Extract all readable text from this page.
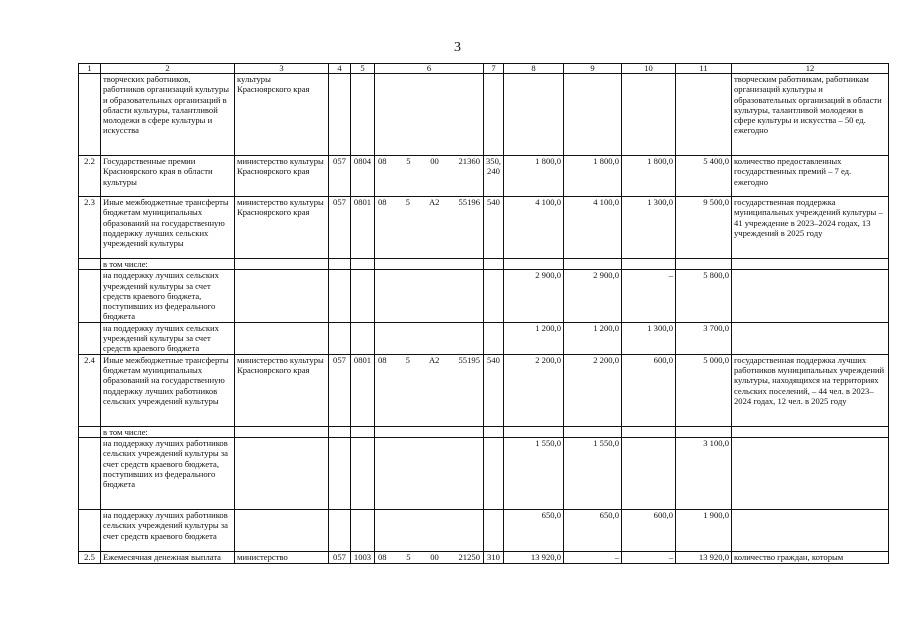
3
1	2	3	4	5	6	7	8	9	10	11	12
	творческих работников, работников организаций культуры и образовательных организаций в области культуры, талантливой молодежи в сфере культуры и искусства	культуры Красноярского края									творческим работникам, работникам организаций культуры и образовательных организаций в области культуры, талантливой молодежи в сфере культуры и искусства – 50 ед. ежегодно
2.2	Государственные премии Красноярского края в области культуры	министерство культуры Красноярского края	057	0804	08 5 00 21360	350, 240	1 800,0	1 800,0	1 800,0	5 400,0	количество предоставленных государственных премий – 7 ед. ежегодно
2.3	Иные межбюджетные трансферты бюджетам муниципальных образований на государственную поддержку лучших сельских учреждений культуры	министерство культуры Красноярского края	057	0801	08 5 А2 55196	540	4 100,0	4 100,0	1 300,0	9 500,0	государственная поддержка муниципальных учреждений культуры – 41 учреждение в 2023–2024 годах, 13 учреждений в 2025 году
	в том числе:				

	на поддержку лучших сельских учреждений культуры за счет средств краевого бюджета, поступивших из федерального бюджета						2 900,0	2 900,0	–	5 800,0	
	на поддержку лучших сельских учреждений культуры за счет средств краевого бюджета						1 200,0	1 200,0	1 300,0	3 700,0	
2.4	Иные межбюджетные трансферты бюджетам муниципальных образований на государственную поддержку лучших работников сельских учреждений культуры	министерство культуры Красноярского края	057	0801	08 5 А2 55195	540	2 200,0	2 200,0	600,0	5 000,0	государственная поддержка лучших работников муниципальных учреждений культуры, находящихся на территориях сельских поселений, – 44 чел. в 2023–2024 годах, 12 чел. в 2025 году
	в том числе:				

	на поддержку лучших работников сельских учреждений культуры за счет средств краевого бюджета, поступивших из федерального бюджета						1 550,0	1 550,0		3 100,0	
	на поддержку лучших работников сельских учреждений культуры за счет средств краевого бюджета						650,0	650,0	600,0	1 900,0	
2.5	Ежемесячная денежная выплата	министерство	057	1003	08 5 00 21250	310	13 920,0	–	–	13 920,0	количество граждан, которым
